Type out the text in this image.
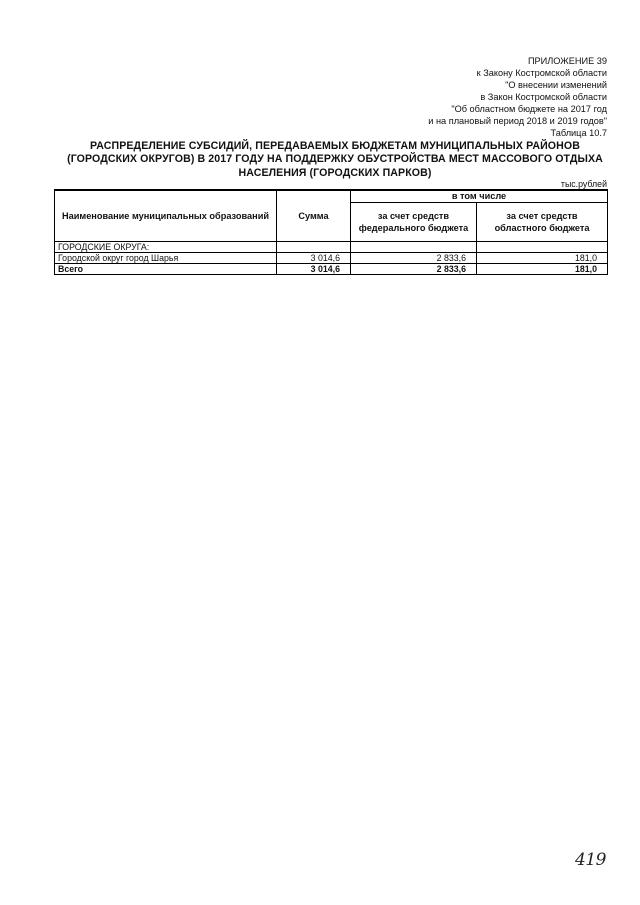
ПРИЛОЖЕНИЕ 39
к Закону Костромской области
"О внесении изменений
в Закон Костромской области
"Об областном бюджете на 2017 год
и на плановый период 2018 и 2019 годов"
Таблица 10.7
РАСПРЕДЕЛЕНИЕ СУБСИДИЙ, ПЕРЕДАВАЕМЫХ БЮДЖЕТАМ МУНИЦИПАЛЬНЫХ РАЙОНОВ
(ГОРОДСКИХ ОКРУГОВ) В 2017 ГОДУ НА ПОДДЕРЖКУ ОБУСТРОЙСТВА МЕСТ МАССОВОГО ОТДЫХА
НАСЕЛЕНИЯ (ГОРОДСКИХ ПАРКОВ)
тыс.рублей
Наименование муниципальных образований	Сумма	в том числе	
		за счет средств федерального бюджета	за счет средств областного бюджета
ГОРОДСКИЕ ОКРУГА:			
Городской округ город Шарья	3 014,6	2 833,6	181,0
Всего	3 014,6	2 833,6	181,0
419
